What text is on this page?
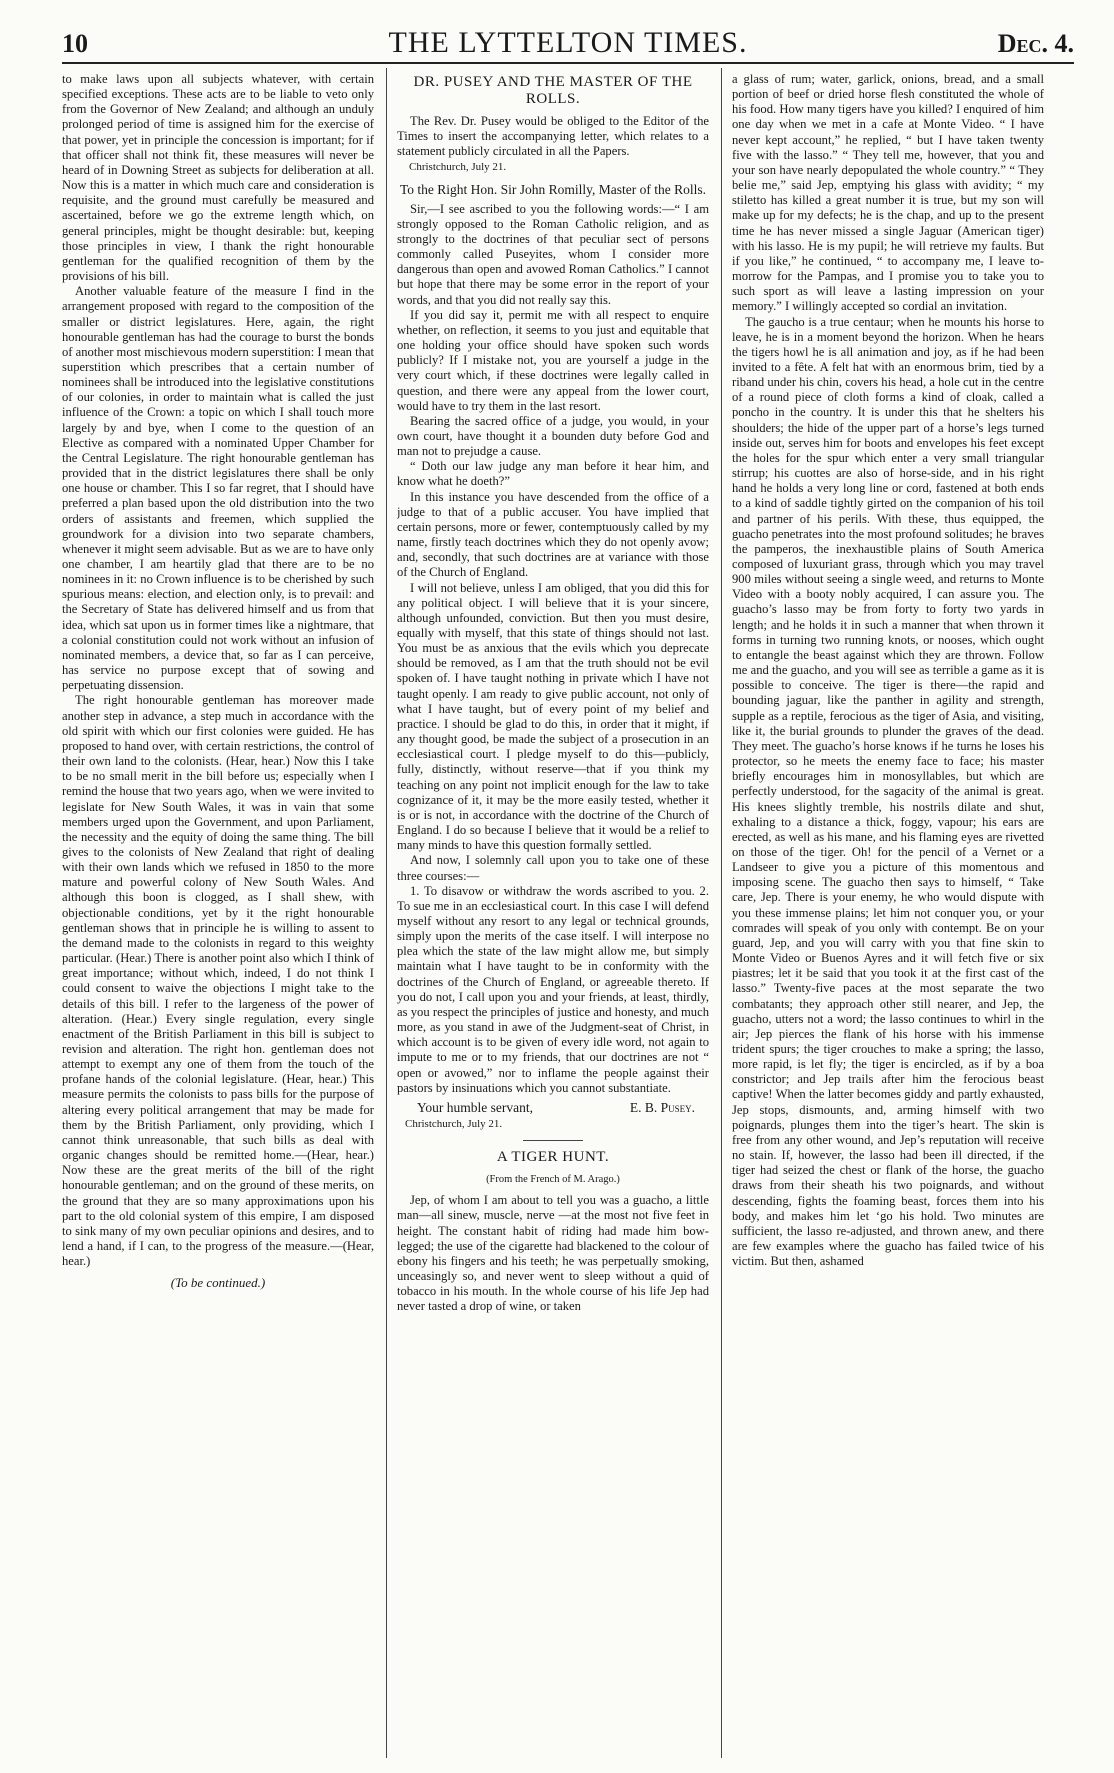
10	THE LYTTELTON TIMES.	Dec. 4.

to make laws upon all subjects whatever, with certain specified exceptions. These acts are to be liable to veto only from the Governor of New Zealand; and although an unduly prolonged period of time is assigned him for the exercise of that power, yet in principle the concession is important; for if that officer shall not think fit, these measures will never be heard of in Downing Street as subjects for deliberation at all. Now this is a matter in which much care and consideration is requisite, and the ground must carefully be measured and ascertained, before we go the extreme length which, on general principles, might be thought desirable: but, keeping those principles in view, I thank the right honourable gentleman for the qualified recognition of them by the provisions of his bill.

Another valuable feature of the measure I find in the arrangement proposed with regard to the composition of the smaller or district legislatures. Here, again, the right honourable gentleman has had the courage to burst the bonds of another most mischievous modern superstition: I mean that superstition which prescribes that a certain number of nominees shall be introduced into the legislative constitutions of our colonies, in order to maintain what is called the just influence of the Crown: a topic on which I shall touch more largely by and bye, when I come to the question of an Elective as compared with a nominated Upper Chamber for the Central Legislature. The right honourable gentleman has provided that in the district legislatures there shall be only one house or chamber. This I so far regret, that I should have preferred a plan based upon the old distribution into the two orders of assistants and freemen, which supplied the groundwork for a division into two separate chambers, whenever it might seem advisable. But as we are to have only one chamber, I am heartily glad that there are to be no nominees in it: no Crown influence is to be cherished by such spurious means: election, and election only, is to prevail: and the Secretary of State has delivered himself and us from that idea, which sat upon us in former times like a nightmare, that a colonial constitution could not work without an infusion of nominated members, a device that, so far as I can perceive, has service no purpose except that of sowing and perpetuating dissension.

The right honourable gentleman has moreover made another step in advance, a step much in accordance with the old spirit with which our first colonies were guided. He has proposed to hand over, with certain restrictions, the control of their own land to the colonists. (Hear, hear.) Now this I take to be no small merit in the bill before us; especially when I remind the house that two years ago, when we were invited to legislate for New South Wales, it was in vain that some members urged upon the Government, and upon Parliament, the necessity and the equity of doing the same thing. The bill gives to the colonists of New Zealand that right of dealing with their own lands which we refused in 1850 to the more mature and powerful colony of New South Wales. And although this boon is clogged, as I shall shew, with objectionable conditions, yet by it the right honourable gentleman shows that in principle he is willing to assent to the demand made to the colonists in regard to this weighty particular. (Hear.) There is another point also which I think of great importance; without which, indeed, I do not think I could consent to waive the objections I might take to the details of this bill. I refer to the largeness of the power of alteration. (Hear.) Every single regulation, every single enactment of the British Parliament in this bill is subject to revision and alteration. The right hon. gentleman does not attempt to exempt any one of them from the touch of the profane hands of the colonial legislature. (Hear, hear.) This measure permits the colonists to pass bills for the purpose of altering every political arrangement that may be made for them by the British Parliament, only providing, which I cannot think unreasonable, that such bills as deal with organic changes should be remitted home.—(Hear, hear.) Now these are the great merits of the bill of the right honourable gentleman; and on the ground of these merits, on the ground that they are so many approximations upon his part to the old colonial system of this empire, I am disposed to sink many of my own peculiar opinions and desires, and to lend a hand, if I can, to the progress of the measure.—(Hear, hear.)

(To be continued.)
DR. PUSEY AND THE MASTER OF THE ROLLS.

The Rev. Dr. Pusey would be obliged to the Editor of the Times to insert the accompanying letter, which relates to a statement publicly circulated in all the Papers.

Christchurch, July 21.
To the Right Hon. Sir John Romilly, Master of the Rolls.

Sir,—I see ascribed to you the following words:—“ I am strongly opposed to the Roman Catholic religion, and as strongly to the doctrines of that peculiar sect of persons commonly called Puseyites, whom I consider more dangerous than open and avowed Roman Catholics.” I cannot but hope that there may be some error in the report of your words, and that you did not really say this.

If you did say it, permit me with all respect to enquire whether, on reflection, it seems to you just and equitable that one holding your office should have spoken such words publicly? If I mistake not, you are yourself a judge in the very court which, if these doctrines were legally called in question, and there were any appeal from the lower court, would have to try them in the last resort.

Bearing the sacred office of a judge, you would, in your own court, have thought it a bounden duty before God and man not to prejudge a cause.

“ Doth our law judge any man before it hear him, and know what he doeth?”

In this instance you have descended from the office of a judge to that of a public accuser. You have implied that certain persons, more or fewer, contemptuously called by my name, firstly teach doctrines which they do not openly avow; and, secondly, that such doctrines are at variance with those of the Church of England.

I will not believe, unless I am obliged, that you did this for any political object. I will believe that it is your sincere, although unfounded, conviction. But then you must desire, equally with myself, that this state of things should not last. You must be as anxious that the evils which you deprecate should be removed, as I am that the truth should not be evil spoken of. I have taught nothing in private which I have not taught openly. I am ready to give public account, not only of what I have taught, but of every point of my belief and practice. I should be glad to do this, in order that it might, if any thought good, be made the subject of a prosecution in an ecclesiastical court. I pledge myself to do this—publicly, fully, distinctly, without reserve—that if you think my teaching on any point not implicit enough for the law to take cognizance of it, it may be the more easily tested, whether it is or is not, in accordance with the doctrine of the Church of England. I do so because I believe that it would be a relief to many minds to have this question formally settled.

And now, I solemnly call upon you to take one of these three courses:—

1. To disavow or withdraw the words ascribed to you. 2. To sue me in an ecclesiastical court. In this case I will defend myself without any resort to any legal or technical grounds, simply upon the merits of the case itself. I will interpose no plea which the state of the law might allow me, but simply maintain what I have taught to be in conformity with the doctrines of the Church of England, or agreeable thereto. If you do not, I call upon you and your friends, at least, thirdly, as you respect the principles of justice and honesty, and much more, as you stand in awe of the Judgment-seat of Christ, in which account is to be given of every idle word, not again to impute to me or to my friends, that our doctrines are not “ open or avowed,” nor to inflame the people against their pastors by insinuations which you cannot substantiate.

Your humble servant,	E. B. Pusey.
Christchurch, July 21.
A TIGER HUNT.
(From the French of M. Arago.)

Jep, of whom I am about to tell you was a guacho, a little man—all sinew, muscle, nerve —at the most not five feet in height. The constant habit of riding had made him bow-legged; the use of the cigarette had blackened to the colour of ebony his fingers and his teeth; he was perpetually smoking, unceasingly so, and never went to sleep without a quid of tobacco in his mouth. In the whole course of his life Jep had never tasted a drop of wine, or taken

a glass of rum; water, garlick, onions, bread, and a small portion of beef or dried horse flesh constituted the whole of his food. How many tigers have you killed? I enquired of him one day when we met in a cafe at Monte Video. “ I have never kept account,” he replied, “ but I have taken twenty five with the lasso.” “ They tell me, however, that you and your son have nearly depopulated the whole country.” “ They belie me,” said Jep, emptying his glass with avidity; “ my stiletto has killed a great number it is true, but my son will make up for my defects; he is the chap, and up to the present time he has never missed a single Jaguar (American tiger) with his lasso. He is my pupil; he will retrieve my faults. But if you like,” he continued, “ to accompany me, I leave to-morrow for the Pampas, and I promise you to take you to such sport as will leave a lasting impression on your memory.” I willingly accepted so cordial an invitation.

The gaucho is a true centaur; when he mounts his horse to leave, he is in a moment beyond the horizon. When he hears the tigers howl he is all animation and joy, as if he had been invited to a fête. A felt hat with an enormous brim, tied by a riband under his chin, covers his head, a hole cut in the centre of a round piece of cloth forms a kind of cloak, called a poncho in the country. It is under this that he shelters his shoulders; the hide of the upper part of a horse’s legs turned inside out, serves him for boots and envelopes his feet except the holes for the spur which enter a very small triangular stirrup; his cuottes are also of horse-side, and in his right hand he holds a very long line or cord, fastened at both ends to a kind of saddle tightly girted on the companion of his toil and partner of his perils. With these, thus equipped, the guacho penetrates into the most profound solitudes; he braves the pamperos, the inexhaustible plains of South America composed of luxuriant grass, through which you may travel 900 miles without seeing a single weed, and returns to Monte Video with a booty nobly acquired, I can assure you. The guacho’s lasso may be from forty to forty two yards in length; and he holds it in such a manner that when thrown it forms in turning two running knots, or nooses, which ought to entangle the beast against which they are thrown. Follow me and the guacho, and you will see as terrible a game as it is possible to conceive. The tiger is there—the rapid and bounding jaguar, like the panther in agility and strength, supple as a reptile, ferocious as the tiger of Asia, and visiting, like it, the burial grounds to plunder the graves of the dead. They meet. The guacho’s horse knows if he turns he loses his protector, so he meets the enemy face to face; his master briefly encourages him in monosyllables, but which are perfectly understood, for the sagacity of the animal is great. His knees slightly tremble, his nostrils dilate and shut, exhaling to a distance a thick, foggy, vapour; his ears are erected, as well as his mane, and his flaming eyes are rivetted on those of the tiger. Oh! for the pencil of a Vernet or a Landseer to give you a picture of this momentous and imposing scene. The guacho then says to himself, “ Take care, Jep. There is your enemy, he who would dispute with you these immense plains; let him not conquer you, or your comrades will speak of you only with contempt. Be on your guard, Jep, and you will carry with you that fine skin to Monte Video or Buenos Ayres and it will fetch five or six piastres; let it be said that you took it at the first cast of the lasso.” Twenty-five paces at the most separate the two combatants; they approach other still nearer, and Jep, the guacho, utters not a word; the lasso continues to whirl in the air; Jep pierces the flank of his horse with his immense trident spurs; the tiger crouches to make a spring; the lasso, more rapid, is let fly; the tiger is encircled, as if by a boa constrictor; and Jep trails after him the ferocious beast captive! When the latter becomes giddy and partly exhausted, Jep stops, dismounts, and, arming himself with two poignards, plunges them into the tiger’s heart. The skin is free from any other wound, and Jep’s reputation will receive no stain. If, however, the lasso had been ill directed, if the tiger had seized the chest or flank of the horse, the guacho draws from their sheath his two poignards, and without descending, fights the foaming beast, forces them into his body, and makes him let ‘go his hold. Two minutes are sufficient, the lasso re-adjusted, and thrown anew, and there are few examples where the guacho has failed twice of his victim. But then, ashamed
